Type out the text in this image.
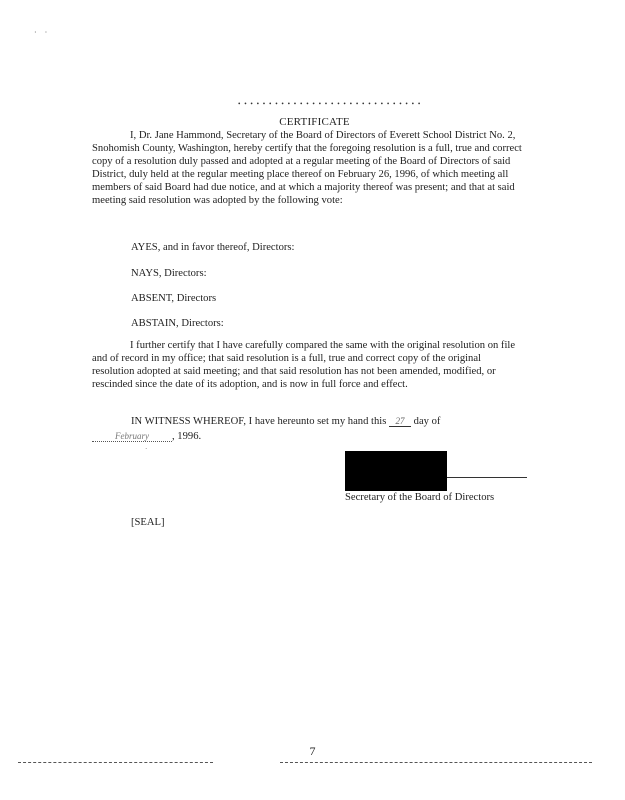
· ·
• • • • • • • • • • • • • • • • • • • • • • • • • • • • • •
CERTIFICATE
I, Dr. Jane Hammond, Secretary of the Board of Directors of Everett School District No. 2, Snohomish County, Washington, hereby certify that the foregoing resolution is a full, true and correct copy of a resolution duly passed and adopted at a regular meeting of the Board of Directors of said District, duly held at the regular meeting place thereof on February 26, 1996, of which meeting all members of said Board had due notice, and at which a majority thereof was present; and that at said meeting said resolution was adopted by the following vote:
AYES, and in favor thereof, Directors:
NAYS, Directors:
ABSENT, Directors
ABSTAIN, Directors:
I further certify that I have carefully compared the same with the original resolution on file and of record in my office; that said resolution is a full, true and correct copy of the original resolution adopted at said meeting; and that said resolution has not been amended, modified, or rescinded since the date of its adoption, and is now in full force and effect.
IN WITNESS WHEREOF, I have hereunto set my hand this 27 day of
February , 1996.
·
Secretary of the Board of Directors
[SEAL]
7
